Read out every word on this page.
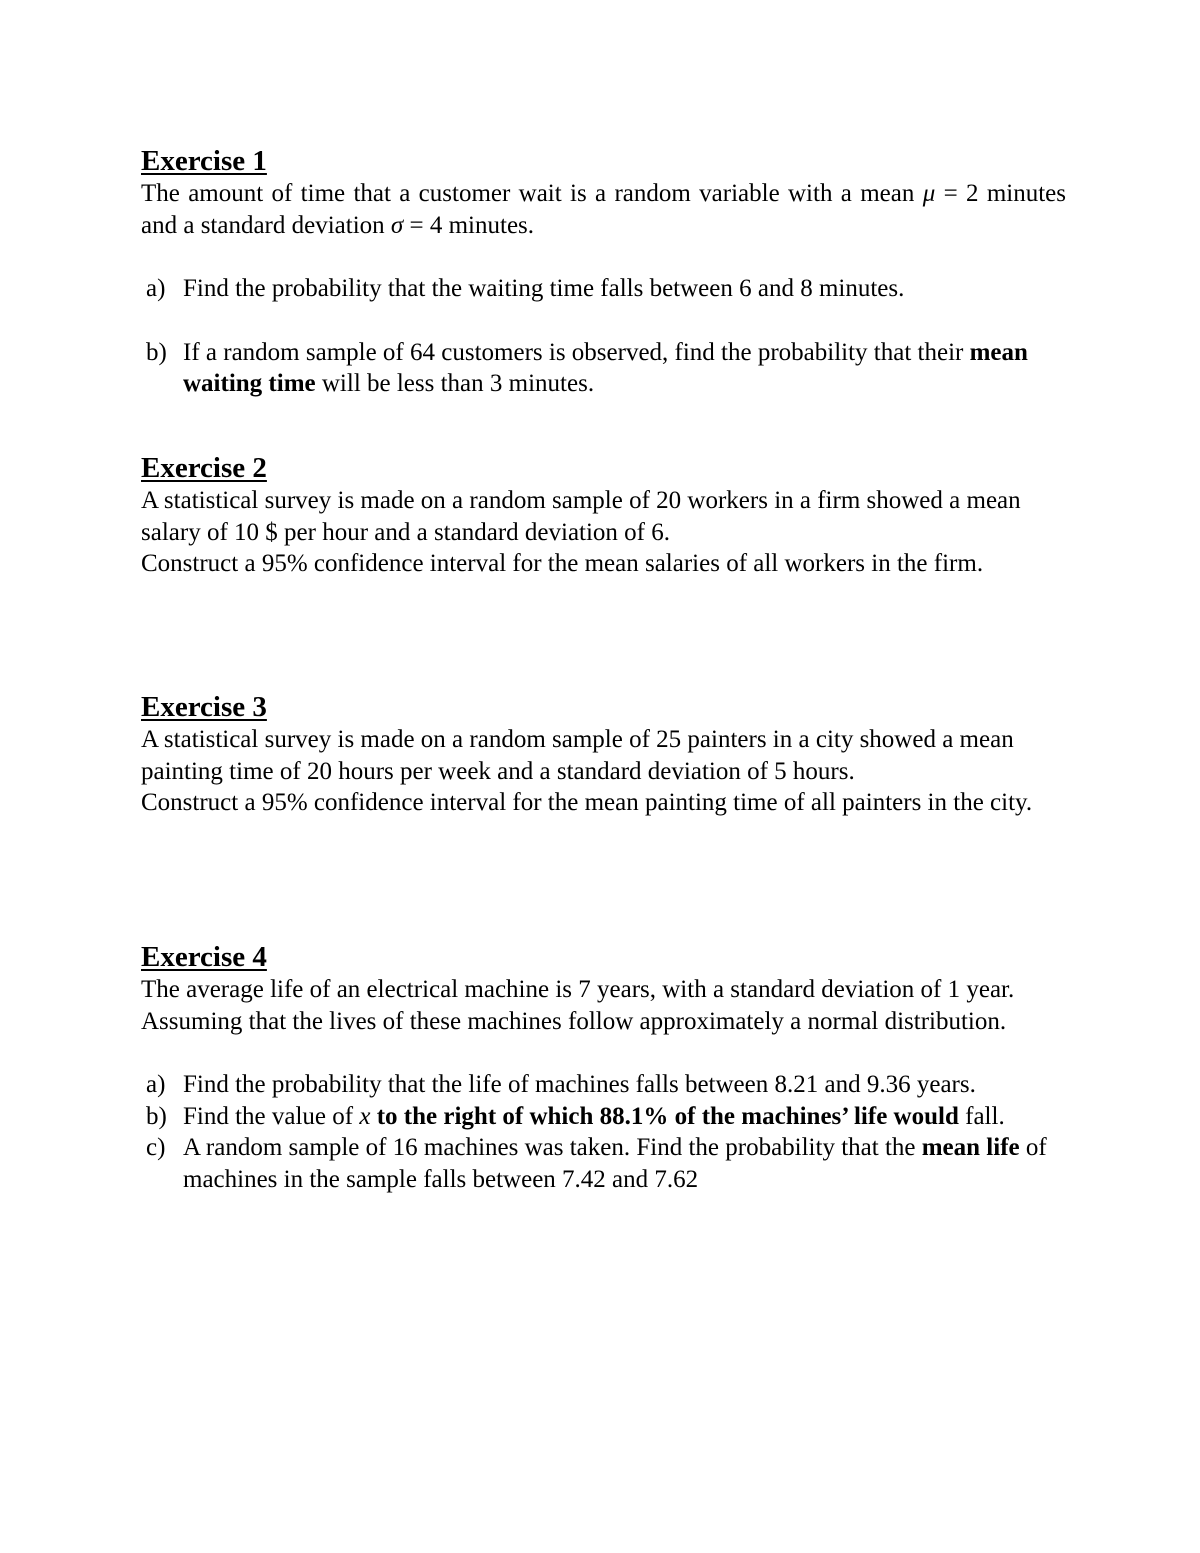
Exercise 1

The amount of time that a customer wait is a random variable with a mean μ = 2 minutes and a standard deviation σ = 4 minutes.

a) Find the probability that the waiting time falls between 6 and 8 minutes.
b) If a random sample of 64 customers is observed, find the probability that their mean waiting time will be less than 3 minutes.
Exercise 2

A statistical survey is made on a random sample of 20 workers in a firm showed a mean salary of 10 $ per hour and a standard deviation of 6.

Construct a 95% confidence interval for the mean salaries of all workers in the firm.

Exercise 3

A statistical survey is made on a random sample of 25 painters in a city showed a mean painting time of 20 hours per week and a standard deviation of 5 hours.

Construct a 95% confidence interval for the mean painting time of all painters in the city.

Exercise 4

The average life of an electrical machine is 7 years, with a standard deviation of 1 year. Assuming that the lives of these machines follow approximately a normal distribution.

a) Find the probability that the life of machines falls between 8.21 and 9.36 years.
b) Find the value of x to the right of which 88.1% of the machines’ life would fall.
c) A random sample of 16 machines was taken. Find the probability that the mean life of machines in the sample falls between 7.42 and 7.62
